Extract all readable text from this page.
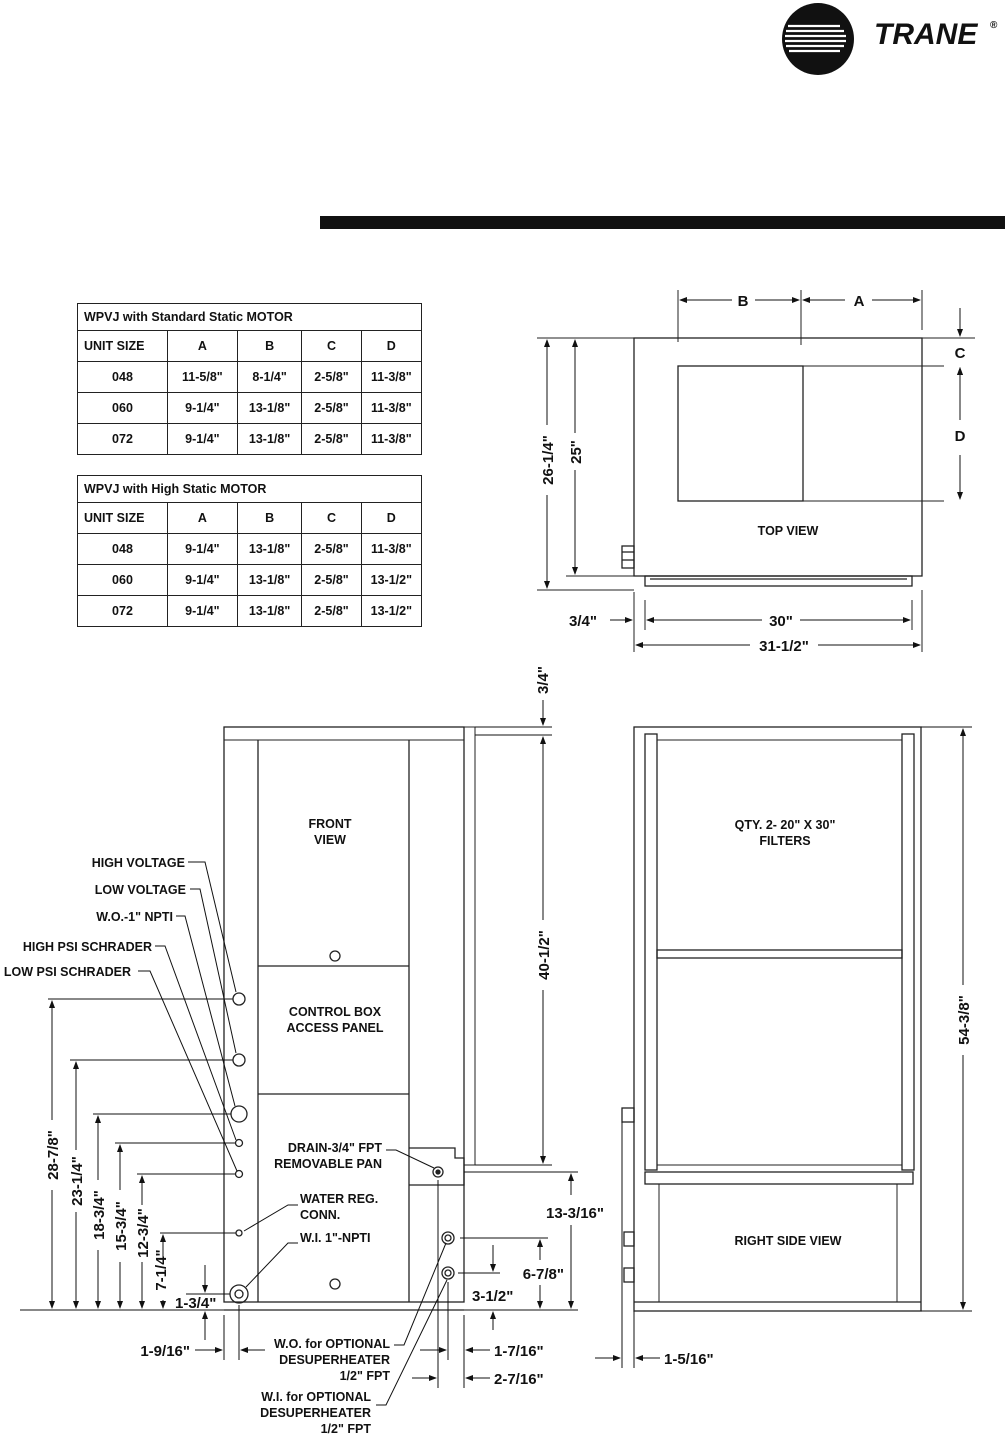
TRANE ®
WPVJ with Standard Static MOTOR				
UNIT SIZE	A	B	C	D
048	11-5/8"	8-1/4"	2-5/8"	11-3/8"
060	9-1/4"	13-1/8"	2-5/8"	11-3/8"
072	9-1/4"	13-1/8"	2-5/8"	11-3/8"
WPVJ with High Static MOTOR				
UNIT SIZE	A	B	C	D
048	9-1/4"	13-1/8"	2-5/8"	11-3/8"
060	9-1/4"	13-1/8"	2-5/8"	13-1/2"
072	9-1/4"	13-1/8"	2-5/8"	13-1/2"
B	A
C
D
26-1/4" 25"
3/4"	30"
31-1/2"
TOP VIEW
FRONT
VIEW
CONTROL BOX
ACCESS PANEL
DRAIN-3/4" FPT
REMOVABLE PAN
HIGH VOLTAGE
LOW VOLTAGE
W.O.-1" NPTI
HIGH PSI SCHRADER
LOW PSI SCHRADER
WATER REG.
CONN.
W.I. 1"-NPTI
W.O. for OPTIONAL
DESUPERHEATER
1/2" FPT
W.I. for OPTIONAL
DESUPERHEATER
1/2" FPT
3/4"
40-1/2"
13-3/16"
6-7/8"
3-1/2"
28-7/8"
23-1/4"
18-3/4" 15-3/4" 12-3/4"
7-1/4"
1-3/4"
1-9/16"	1-7/16"
2-7/16"
QTY. 2- 20" X 30"
FILTERS
RIGHT SIDE VIEW
54-3/8"
1-5/16"
